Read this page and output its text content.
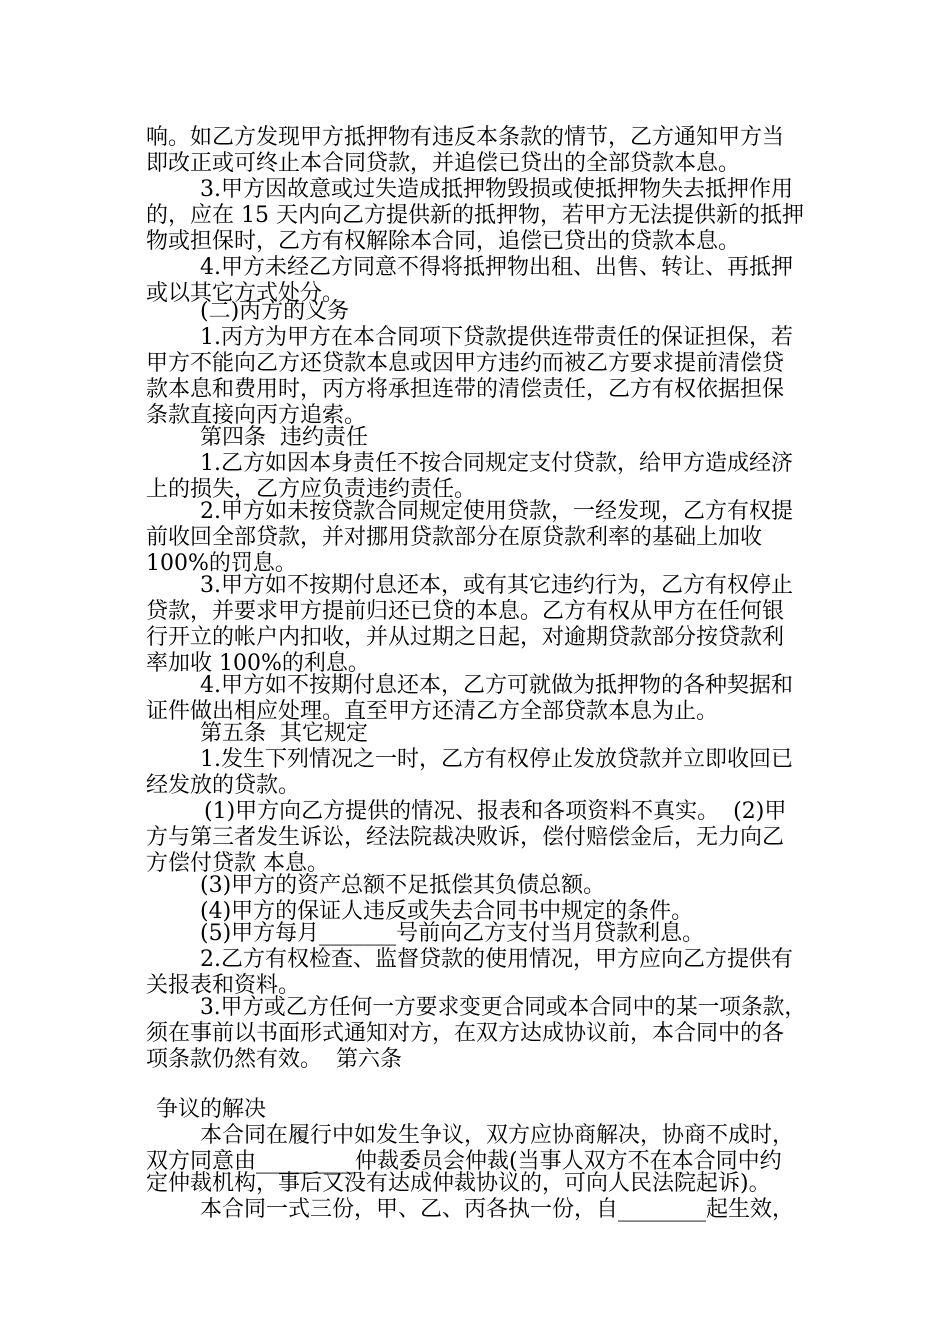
响。如乙方发现甲方抵押物有违反本条款的情节，乙方通知甲方当
即改正或可终止本合同贷款，并追偿已贷出的全部贷款本息。
3.甲方因故意或过失造成抵押物毁损或使抵押物失去抵押作用
的，应在 15 天内向乙方提供新的抵押物，若甲方无法提供新的抵押
物或担保时，乙方有权解除本合同，追偿已贷出的贷款本息。
4.甲方未经乙方同意不得将抵押物出租、出售、转让、再抵押
或以其它方式处分。
(二)丙方的义务
1.丙方为甲方在本合同项下贷款提供连带责任的保证担保，若
甲方不能向乙方还贷款本息或因甲方违约而被乙方要求提前清偿贷
款本息和费用时，丙方将承担连带的清偿责任，乙方有权依据担保
条款直接向丙方追索。
第四条  违约责任
1.乙方如因本身责任不按合同规定支付贷款，给甲方造成经济
上的损失，乙方应负责违约责任。
2.甲方如未按贷款合同规定使用贷款，一经发现，乙方有权提
前收回全部贷款，并对挪用贷款部分在原贷款利率的基础上加收
100%的罚息。
3.甲方如不按期付息还本，或有其它违约行为，乙方有权停止
贷款，并要求甲方提前归还已贷的本息。乙方有权从甲方在任何银
行开立的帐户内扣收，并从过期之日起，对逾期贷款部分按贷款利
率加收 100%的利息。
4.甲方如不按期付息还本，乙方可就做为抵押物的各种契据和
证件做出相应处理。直至甲方还清乙方全部贷款本息为止。
第五条  其它规定
1.发生下列情况之一时，乙方有权停止发放贷款并立即收回已
经发放的贷款。
(1)甲方向乙方提供的情况、报表和各项资料不真实。  (2)甲
方与第三者发生诉讼，经法院裁决败诉，偿付赔偿金后，无力向乙
方偿付贷款 本息。
(3)甲方的资产总额不足抵偿其负债总额。
(4)甲方的保证人违反或失去合同书中规定的条件。
(5)甲方每月_______号前向乙方支付当月贷款利息。
2.乙方有权检查、监督贷款的使用情况，甲方应向乙方提供有
关报表和资料。
3.甲方或乙方任何一方要求变更合同或本合同中的某一项条款，
须在事前以书面形式通知对方，在双方达成协议前，本合同中的各
项条款仍然有效。  第六条
争议的解决
本合同在履行中如发生争议，双方应协商解决，协商不成时，
双方同意由_________仲裁委员会仲裁(当事人双方不在本合同中约
定仲裁机构，事后又没有达成仲裁协议的，可向人民法院起诉)。
本合同一式三份，甲、乙、丙各执一份，自________起生效，
